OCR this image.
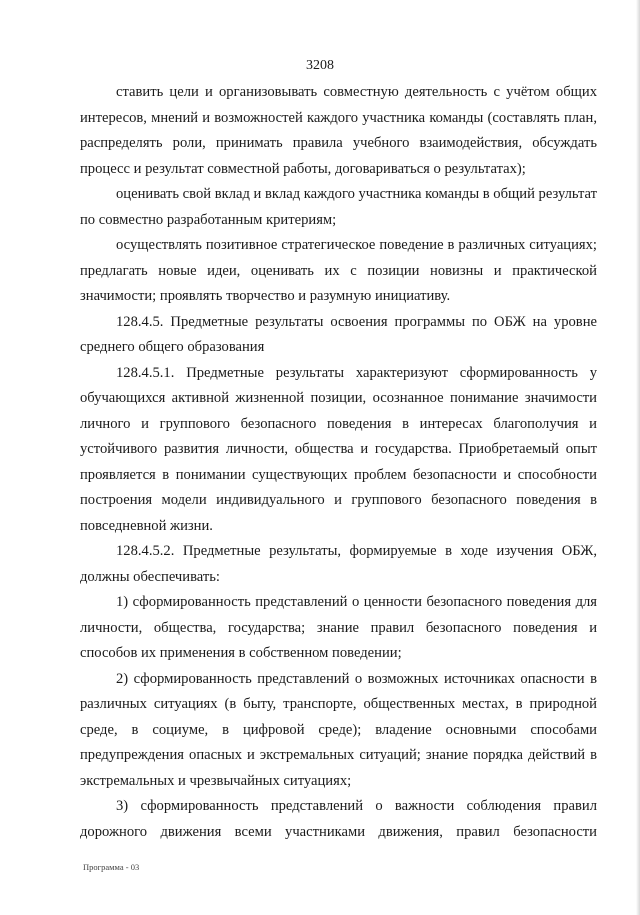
3208

ставить цели и организовывать совместную деятельность с учётом общих интересов, мнений и возможностей каждого участника команды (составлять план, распределять роли, принимать правила учебного взаимодействия, обсуждать процесс и результат совместной работы, договариваться о результатах);

оценивать свой вклад и вклад каждого участника команды в общий результат по совместно разработанным критериям;

осуществлять позитивное стратегическое поведение в различных ситуациях; предлагать новые идеи, оценивать их с позиции новизны и практической значимости; проявлять творчество и разумную инициативу.

128.4.5. Предметные результаты освоения программы по ОБЖ на уровне среднего общего образования

128.4.5.1. Предметные результаты характеризуют сформированность у обучающихся активной жизненной позиции, осознанное понимание значимости личного и группового безопасного поведения в интересах благополучия и устойчивого развития личности, общества и государства. Приобретаемый опыт проявляется в понимании существующих проблем безопасности и способности построения модели индивидуального и группового безопасного поведения в повседневной жизни.

128.4.5.2. Предметные результаты, формируемые в ходе изучения ОБЖ, должны обеспечивать:

1) сформированность представлений о ценности безопасного поведения для личности, общества, государства; знание правил безопасного поведения и способов их применения в собственном поведении;

2) сформированность представлений о возможных источниках опасности в различных ситуациях (в быту, транспорте, общественных местах, в природной среде, в социуме, в цифровой среде); владение основными способами предупреждения опасных и экстремальных ситуаций; знание порядка действий в экстремальных и чрезвычайных ситуациях;

3) сформированность представлений о важности соблюдения правил дорожного движения всеми участниками движения, правил безопасности

Программа - 03
